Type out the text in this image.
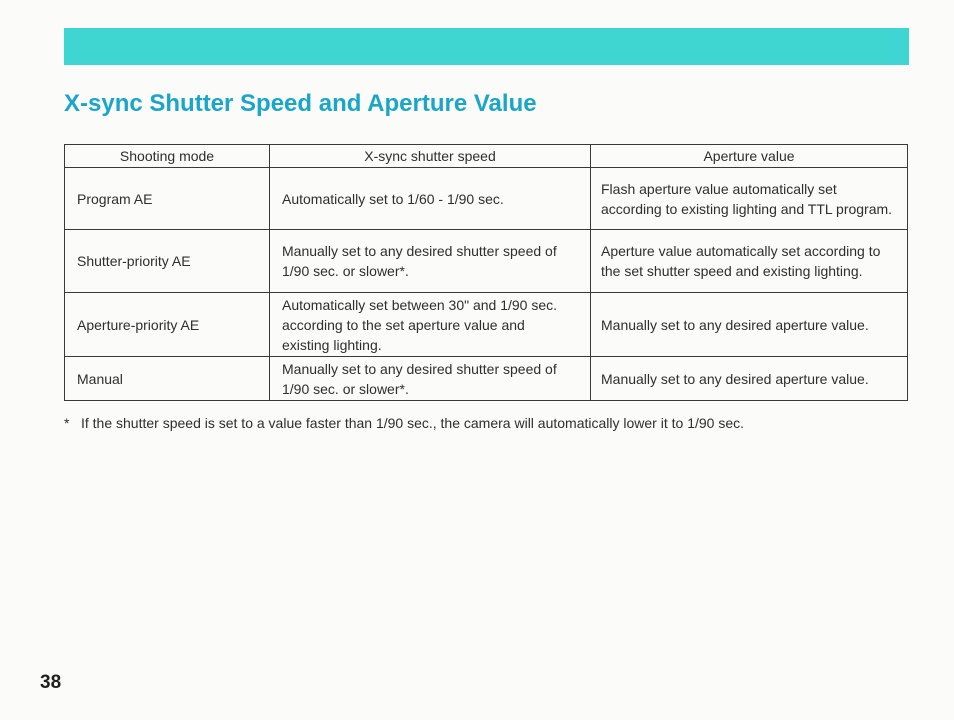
X-sync Shutter Speed and Aperture Value
Shooting mode	X-sync shutter speed	Aperture value
Program AE	Automatically set to 1/60 - 1/90 sec.	Flash aperture value automatically set according to existing lighting and TTL program.
Shutter-priority AE	Manually set to any desired shutter speed of 1/90 sec. or slower*.	Aperture value automatically set according to the set shutter speed and existing lighting.
Aperture-priority AE	Automatically set between 30" and 1/90 sec. according to the set aperture value and existing lighting.	Manually set to any desired aperture value.
Manual	Manually set to any desired shutter speed of 1/90 sec. or slower*.	Manually set to any desired aperture value.
* If the shutter speed is set to a value faster than 1/90 sec., the camera will automatically lower it to 1/90 sec.
38
